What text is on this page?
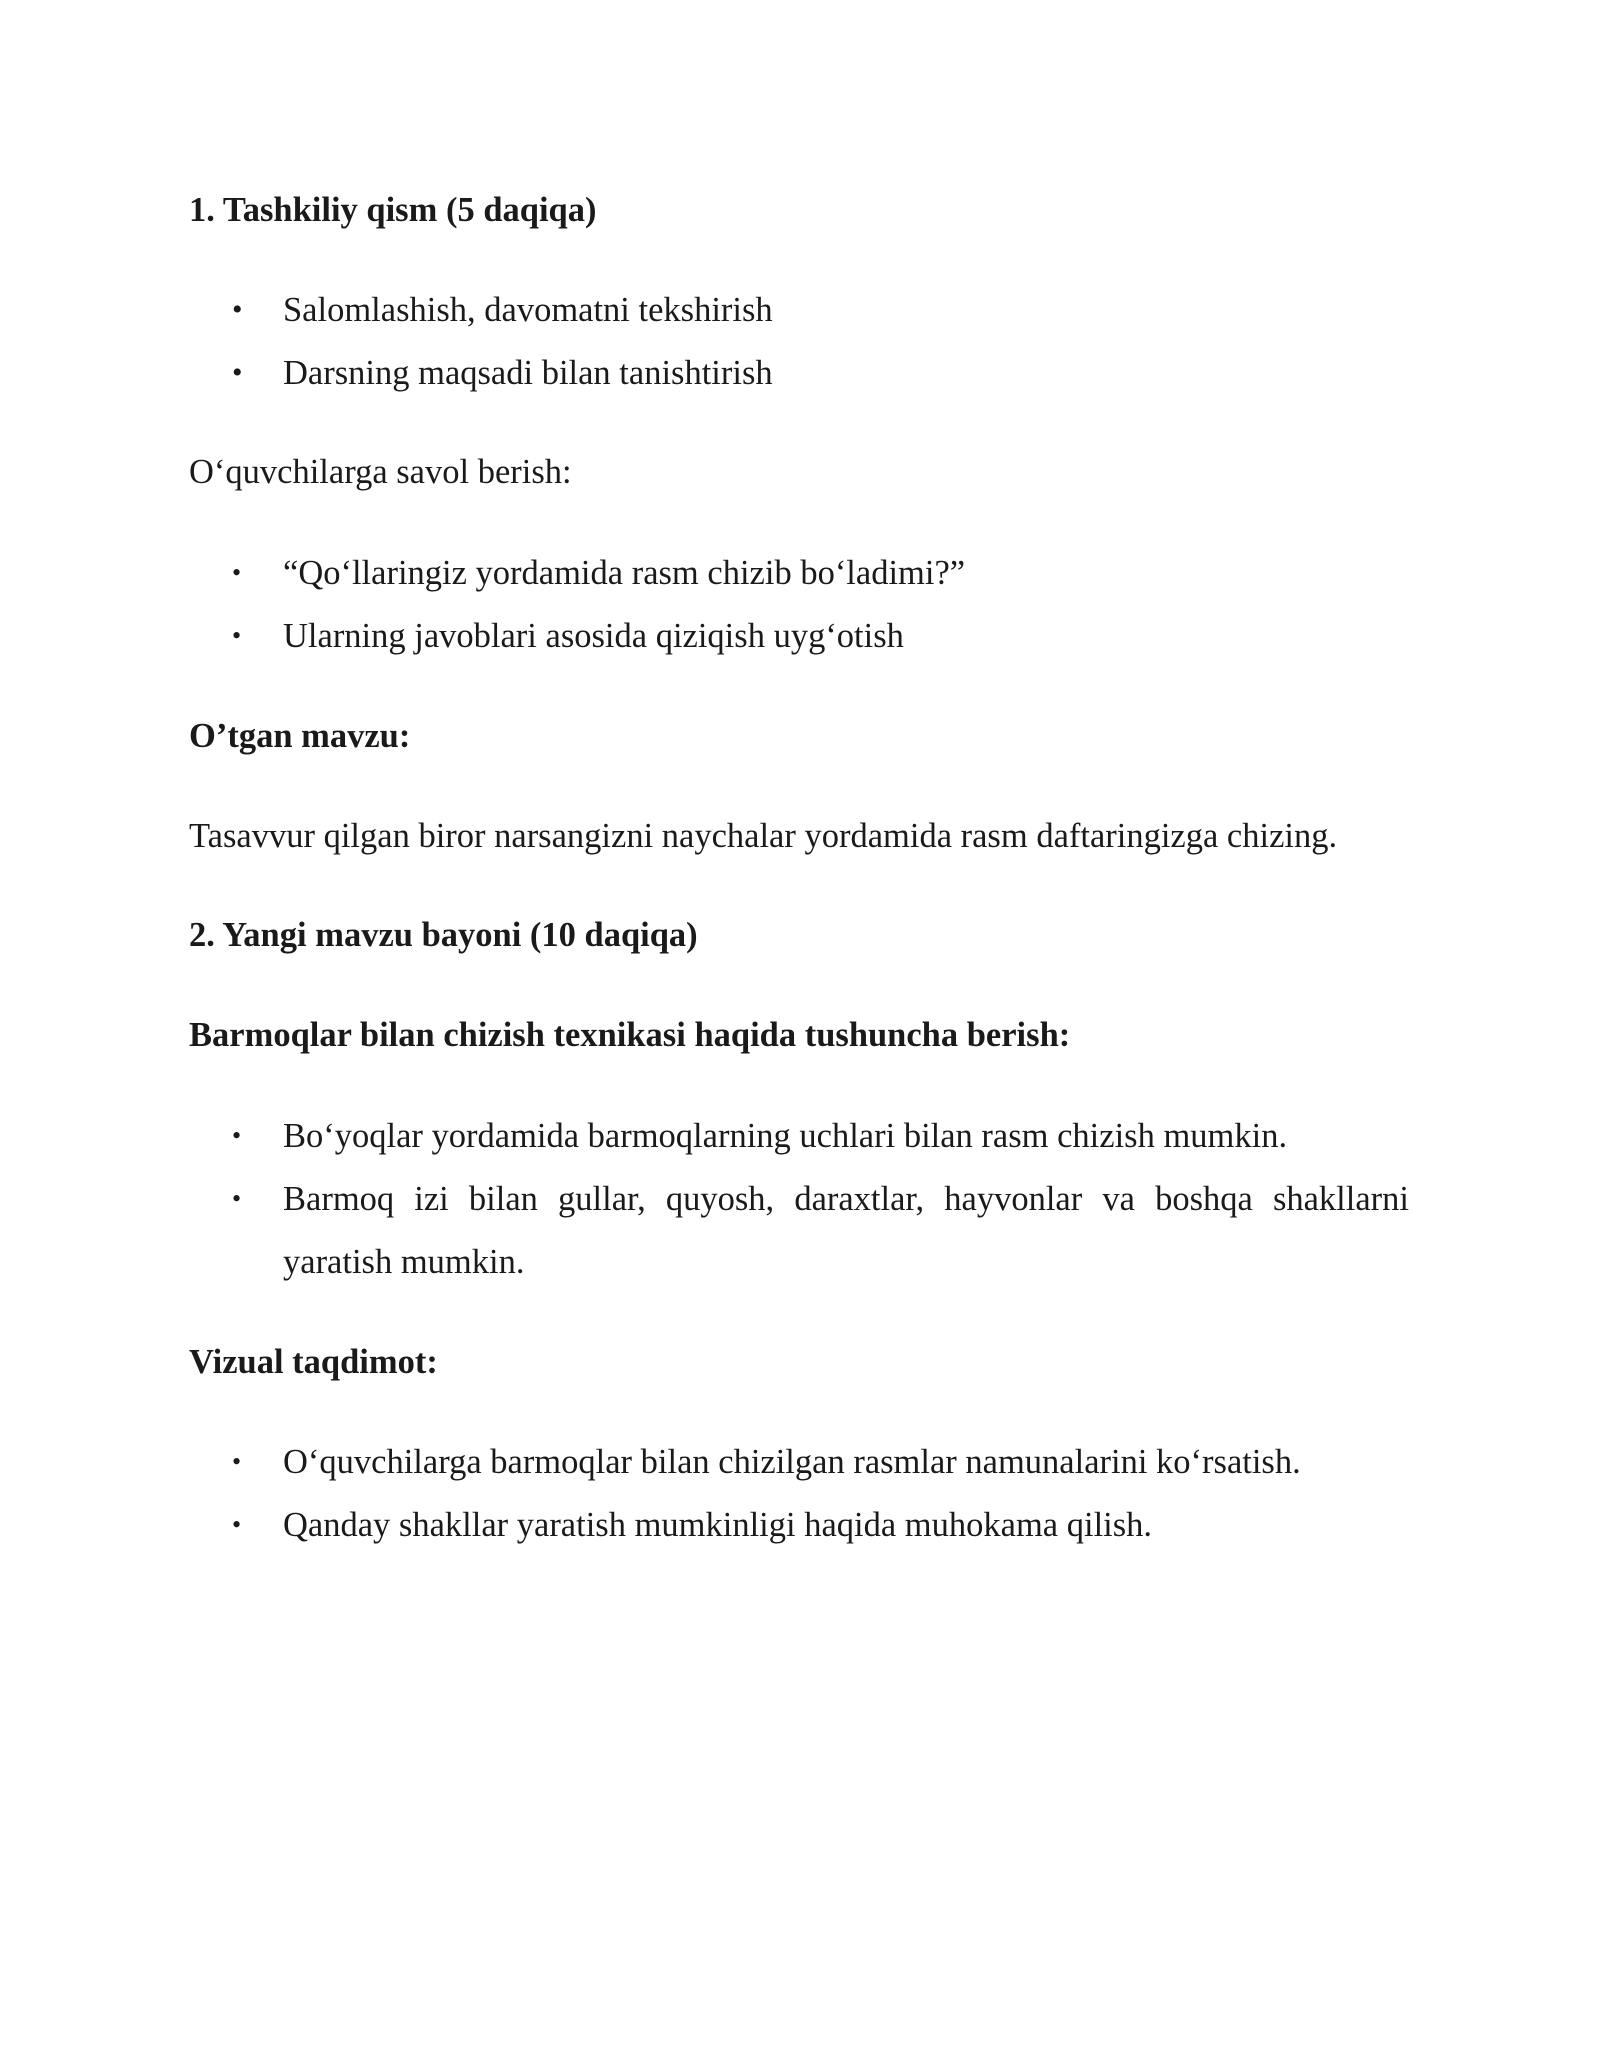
1. Tashkiliy qism (5 daqiqa)
• Salomlashish, davomatni tekshirish
• Darsning maqsadi bilan tanishtirish
O‘quvchilarga savol berish:
• “Qo‘llaringiz yordamida rasm chizib bo‘ladimi?”
• Ularning javoblari asosida qiziqish uyg‘otish
O’tgan mavzu:
Tasavvur qilgan biror narsangizni naychalar yordamida rasm daftaringizga chizing.
2. Yangi mavzu bayoni (10 daqiqa)
Barmoqlar bilan chizish texnikasi haqida tushuncha berish:
• Bo‘yoqlar yordamida barmoqlarning uchlari bilan rasm chizish mumkin.
• Barmoq izi bilan gullar, quyosh, daraxtlar, hayvonlar va boshqa shakllarni yaratish mumkin.
Vizual taqdimot:
• O‘quvchilarga barmoqlar bilan chizilgan rasmlar namunalarini ko‘rsatish.
• Qanday shakllar yaratish mumkinligi haqida muhokama qilish.
